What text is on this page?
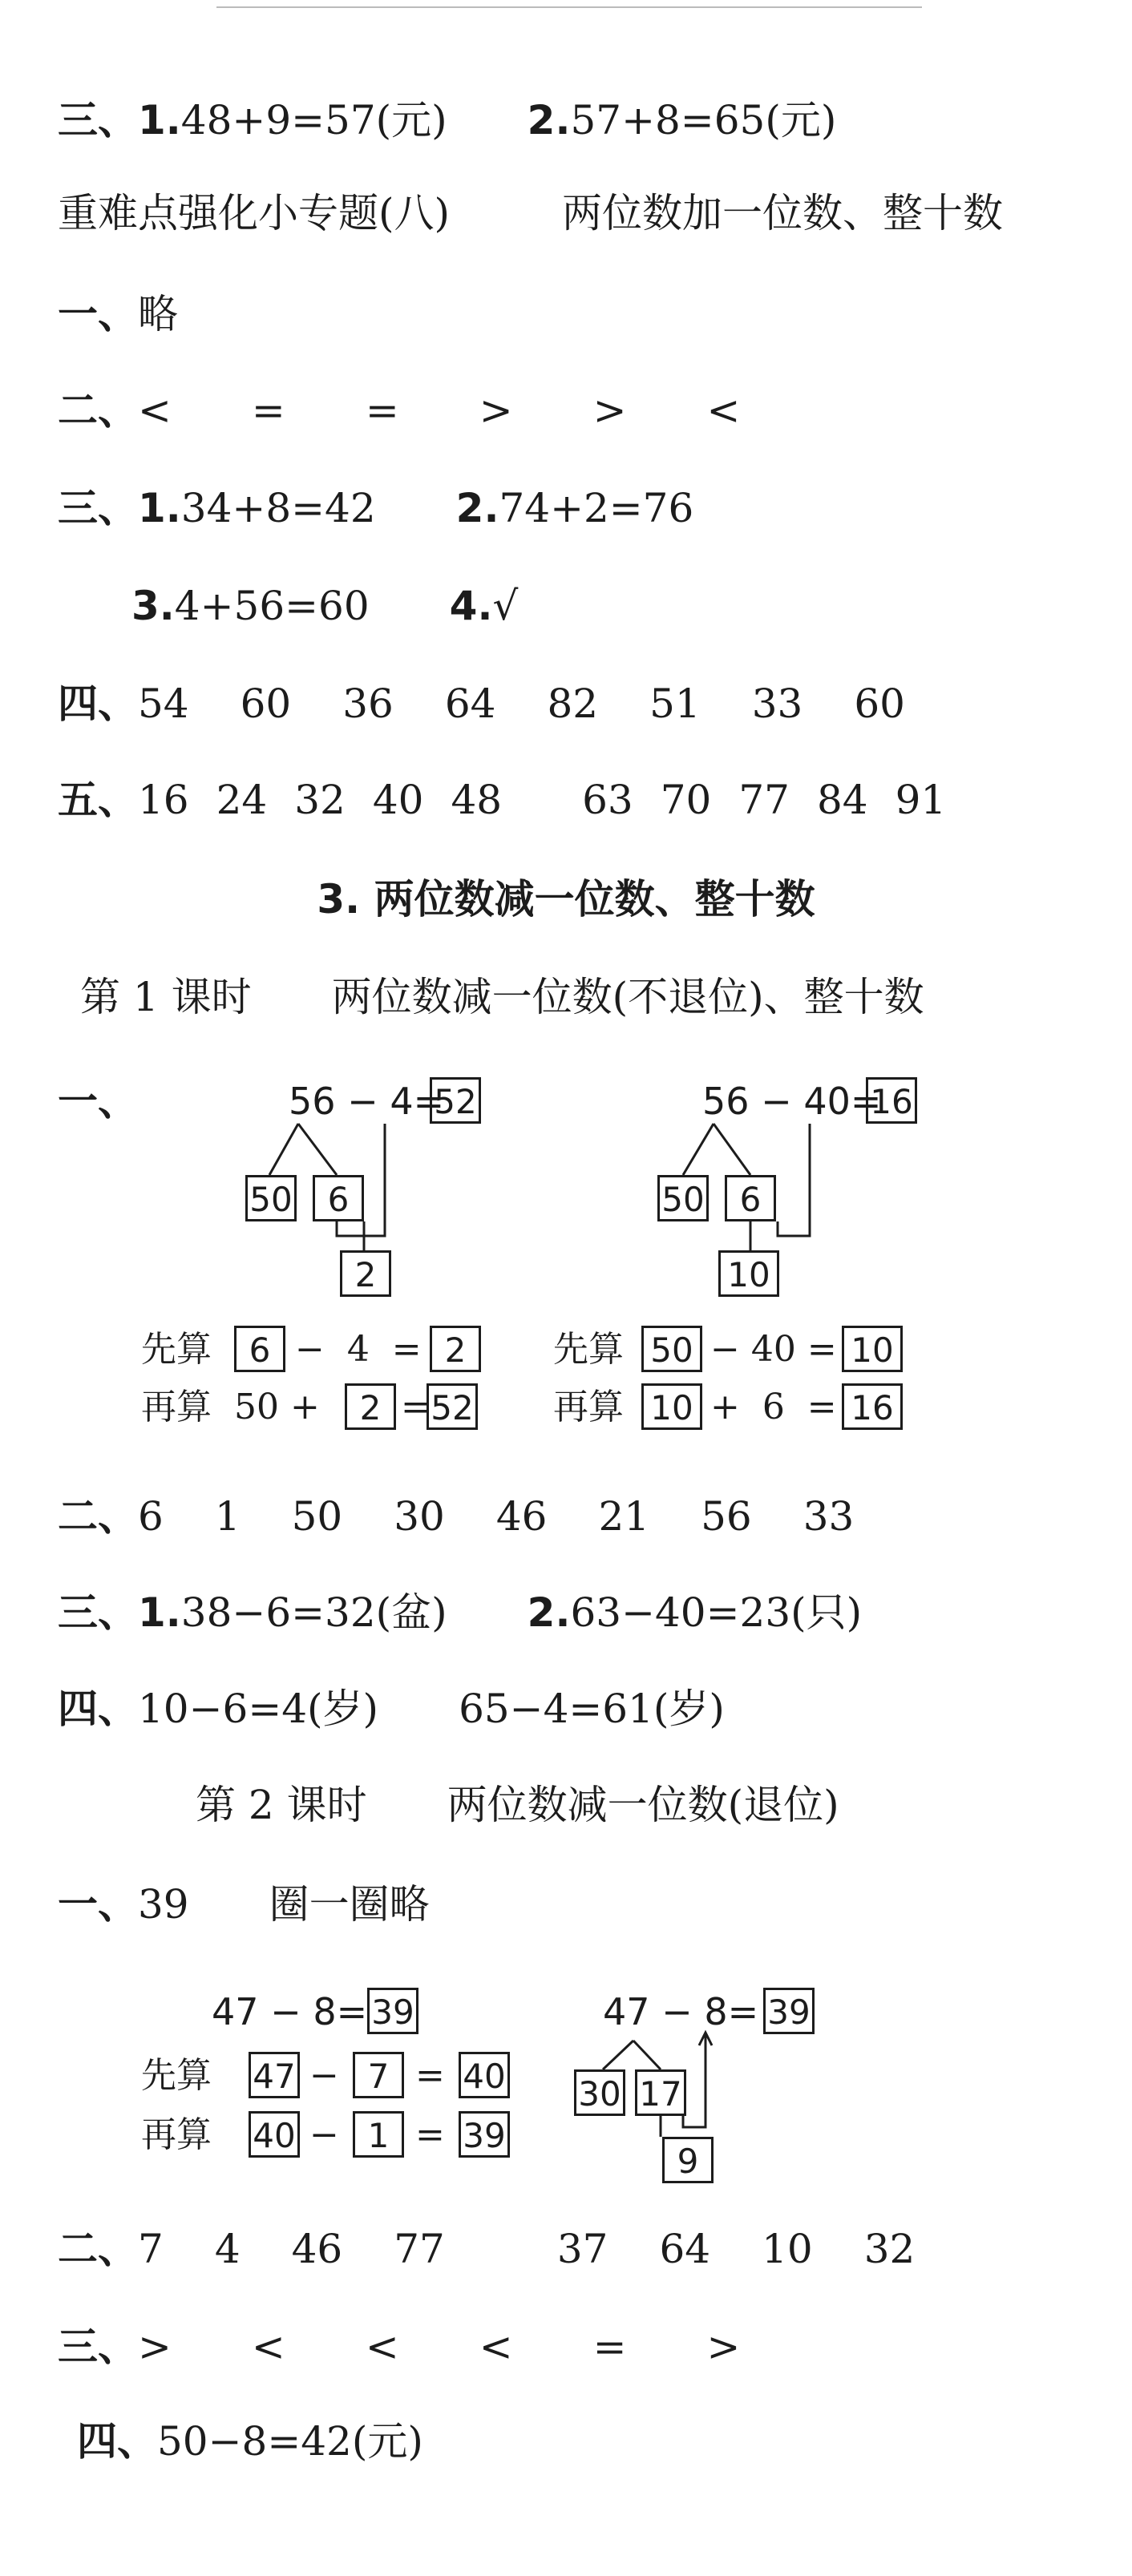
三、1.48+9=57(元) 2.57+8=65(元)
重难点强化小专题(八)	两位数加一位数、整十数
一、略
二、< = = > > <
三、1.34+8=42 2.74+2=76
3.4+56=60 4.√
四、54 60 36 64 82 51 33 60
五、16 24 32 40 48 63 70 77 84 91
3. 两位数减一位数、整十数
第 1 课时 两位数减一位数(不退位)、整十数
一、	56 − 4=
52
50	6
2
先算	6 −  4  = 2
再算 50 +	2 = 52
56 − 40=
16
50	6
10
先算 50 − 40 = 10
再算 10 +  6  = 16
二、6 1 50 30 46 21 56 33
三、1.38−6=32(盆) 2.63−40=23(只)
四、10−6=4(岁) 65−4=61(岁)
第 2 课时 两位数减一位数(退位)
一、39 圈一圈略
47 − 8= 39
先算 47 − 7 = 40
再算 40 − 1 = 39
47 − 8= 39
30 17
9
二、7 4 46 77	37 64 10 32
三、> < < < = >
四、50−8=42(元)
